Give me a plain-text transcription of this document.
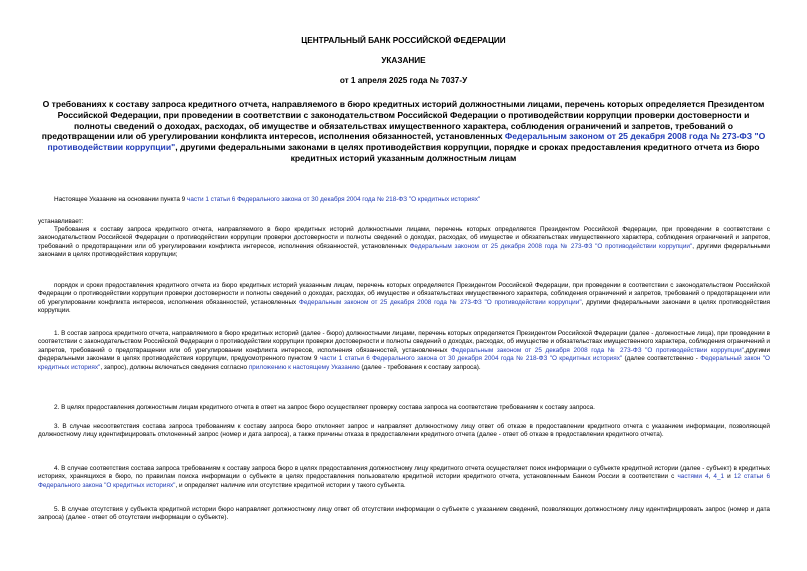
ЦЕНТРАЛЬНЫЙ БАНК РОССИЙСКОЙ ФЕДЕРАЦИИ

УКАЗАНИЕ

от 1 апреля 2025 года № 7037-У

О требованиях к составу запроса кредитного отчета, направляемого в бюро кредитных историй должностными лицами, перечень которых определяется Президентом Российской Федерации, при проведении в соответствии с законодательством Российской Федерации о противодействии коррупции проверки достоверности и полноты сведений о доходах, расходах, об имуществе и обязательствах имущественного характера, соблюдения ограничений и запретов, требований о предотвращении или об урегулировании конфликта интересов, исполнения обязанностей, установленных Федеральным законом от 25 декабря 2008 года № 273-ФЗ "О противодействии коррупции", другими федеральными законами в целях противодействия коррупции, порядке и сроках предоставления кредитного отчета из бюро кредитных историй указанным должностным лицам

Настоящее Указание на основании пункта 9 части 1 статьи 6 Федерального закона от 30 декабря 2004 года № 218-ФЗ "О кредитных историях"

устанавливает:

Требования к составу запроса кредитного отчета, направляемого в бюро кредитных историй должностными лицами, перечень которых определяется Президентом Российской Федерации, при проведении в соответствии с законодательством Российской Федерации о противодействии коррупции проверки достоверности и полноты сведений о доходах, расходах, об имуществе и обязательствах имущественного характера, соблюдения ограничений и запретов, требований о предотвращении или об урегулировании конфликта интересов, исполнения обязанностей, установленных Федеральным законом от 25 декабря 2008 года № 273-ФЗ "О противодействии коррупции", другими федеральными законами в целях противодействия коррупции;

порядок и сроки предоставления кредитного отчета из бюро кредитных историй указанным лицам, перечень которых определяется Президентом Российской Федерации, при проведении в соответствии с законодательством Российской Федерации о противодействии коррупции проверки достоверности и полноты сведений о доходах, расходах, об имуществе и обязательствах имущественного характера, соблюдения ограничений и запретов, требований о предотвращении или об урегулировании конфликта интересов, исполнения обязанностей, установленных Федеральным законом от 25 декабря 2008 года № 273-ФЗ "О противодействии коррупции", другими федеральными законами в целях противодействия коррупции.

1. В состав запроса кредитного отчета, направляемого в бюро кредитных историй (далее - бюро) должностными лицами, перечень которых определяется Президентом Российской Федерации (далее - должностные лица), при проведении в соответствии с законодательством Российской Федерации о противодействии коррупции проверки достоверности и полноты сведений о доходах, расходах, об имуществе и обязательствах имущественного характера, соблюдения ограничений и запретов, требований о предотвращении или об урегулировании конфликта интересов, исполнения обязанностей, установленных Федеральным законом от 25 декабря 2008 года № 273-ФЗ "О противодействии коррупции",другими федеральными законами в целях противодействия коррупции, предусмотренного пунктом 9 части 1 статьи 6 Федерального закона от 30 декабря 2004 года № 218-ФЗ "О кредитных историях" (далее соответственно - Федеральный закон "О кредитных историях", запрос), должны включаться сведения согласно приложению к настоящему Указанию (далее - требования к составу запроса).

2. В целях предоставления должностным лицам кредитного отчета в ответ на запрос бюро осуществляет проверку состава запроса на соответствие требованиям к составу запроса.

3. В случае несоответствия состава запроса требованиям к составу запроса бюро отклоняет запрос и направляет должностному лицу ответ об отказе в предоставлении кредитного отчета с указанием информации, позволяющей должностному лицу идентифицировать отклоненный запрос (номер и дата запроса), а также причины отказа в предоставлении кредитного отчета (далее - ответ об отказе в предоставлении кредитного отчета).

4. В случае соответствия состава запроса требованиям к составу запроса бюро в целях предоставления должностному лицу кредитного отчета осуществляет поиск информации о субъекте кредитной истории (далее - субъект) в кредитных историях, хранящихся в бюро, по правилам поиска информации о субъекте в целях предоставления пользователю кредитной истории кредитного отчета, установленным Банком России в соответствии с частями 4, 4_1 и 12 статьи 6 Федерального закона "О кредитных историях", и определяет наличие или отсутствие кредитной истории у такого субъекта.

5. В случае отсутствия у субъекта кредитной истории бюро направляет должностному лицу ответ об отсутствии информации о субъекте с указанием сведений, позволяющих должностному лицу идентифицировать запрос (номер и дата запроса) (далее - ответ об отсутствии информации о субъекте).
